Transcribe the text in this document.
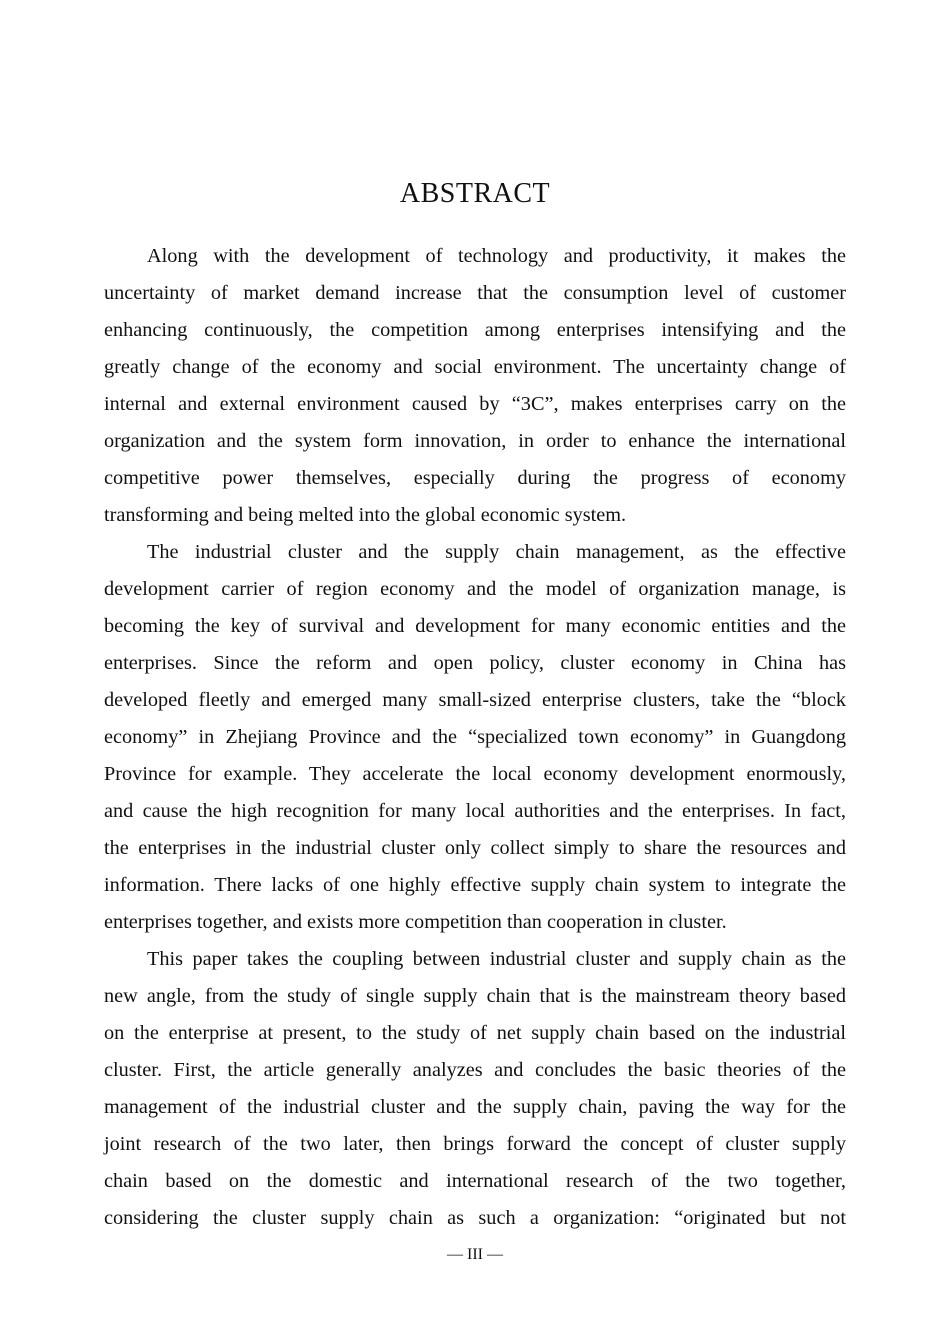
ABSTRACT
Along with the development of technology and productivity, it makes the
uncertainty of market demand increase that the consumption level of customer
enhancing continuously, the competition among enterprises intensifying and the
greatly change of the economy and social environment. The uncertainty change of
internal and external environment caused by “3C”, makes enterprises carry on the
organization and the system form innovation, in order to enhance the international
competitive power themselves, especially during the progress of economy
transforming and being melted into the global economic system.
The industrial cluster and the supply chain management, as the effective
development carrier of region economy and the model of organization manage, is
becoming the key of survival and development for many economic entities and the
enterprises. Since the reform and open policy, cluster economy in China has
developed fleetly and emerged many small-sized enterprise clusters, take the “block
economy” in Zhejiang Province and the “specialized town economy” in Guangdong
Province for example. They accelerate the local economy development enormously,
and cause the high recognition for many local authorities and the enterprises. In fact,
the enterprises in the industrial cluster only collect simply to share the resources and
information. There lacks of one highly effective supply chain system to integrate the
enterprises together, and exists more competition than cooperation in cluster.
This paper takes the coupling between industrial cluster and supply chain as the
new angle, from the study of single supply chain that is the mainstream theory based
on the enterprise at present, to the study of net supply chain based on the industrial
cluster. First, the article generally analyzes and concludes the basic theories of the
management of the industrial cluster and the supply chain, paving the way for the
joint research of the two later, then brings forward the concept of cluster supply
chain based on the domestic and international research of the two together,
considering the cluster supply chain as such a organization: “originated but not
— III —
